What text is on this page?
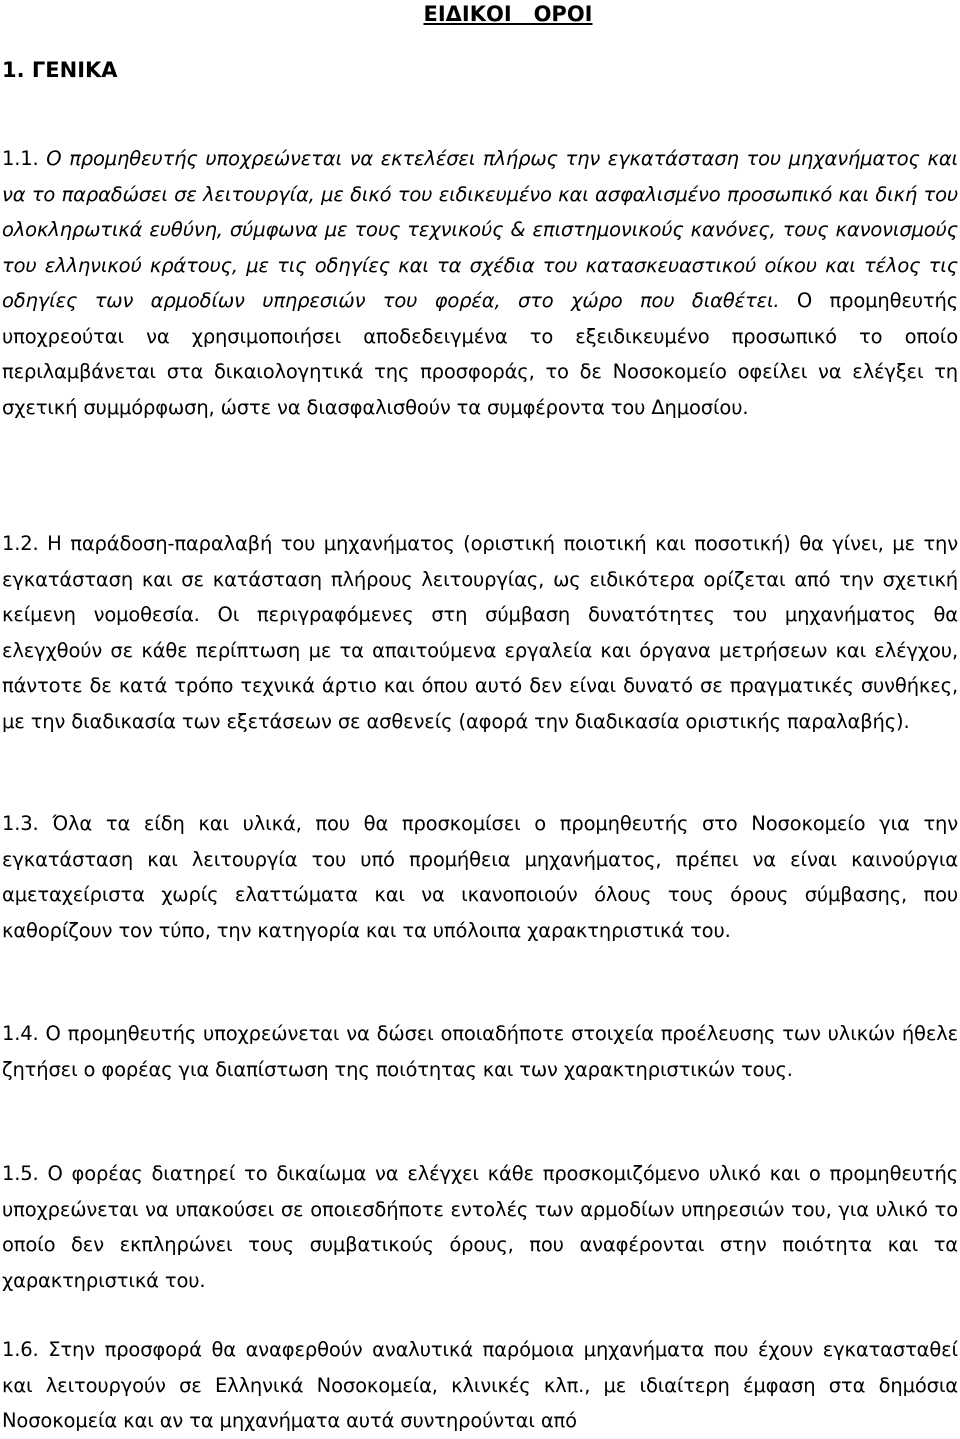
ΕΙΔΙΚΟΙ   ΟΡΟΙ
1. ΓΕΝΙΚΑ

1.1. Ο προμηθευτής υποχρεώνεται να εκτελέσει πλήρως την εγκατάσταση του μηχανήματος και να το παραδώσει σε λειτουργία, με δικό του ειδικευμένο και ασφαλισμένο προσωπικό και δική του ολοκληρωτικά ευθύνη, σύμφωνα με τους τεχνικούς & επιστημονικούς κανόνες, τους κανονισμούς του ελληνικού κράτους, με τις οδηγίες και τα σχέδια του κατασκευαστικού οίκου και τέλος τις οδηγίες των αρμοδίων υπηρεσιών του φορέα, στο χώρο που διαθέτει. Ο προμηθευτής υποχρεούται να χρησιμοποιήσει αποδεδειγμένα το εξειδικευμένο προσωπικό το οποίο περιλαμβάνεται στα δικαιολογητικά της προσφοράς, το δε Νοσοκομείο οφείλει να ελέγξει τη σχετική συμμόρφωση, ώστε να διασφαλισθούν τα συμφέροντα του Δημοσίου.

1.2. Η παράδοση-παραλαβή του μηχανήματος (οριστική ποιοτική και ποσοτική) θα γίνει, με την εγκατάσταση και σε κατάσταση πλήρους λειτουργίας, ως ειδικότερα ορίζεται από την σχετική κείμενη νομοθεσία. Οι περιγραφόμενες στη σύμβαση δυνατότητες του μηχανήματος θα ελεγχθούν σε κάθε περίπτωση με τα απαιτούμενα εργαλεία και όργανα μετρήσεων και ελέγχου, πάντοτε δε κατά τρόπο τεχνικά άρτιο και όπου αυτό δεν είναι δυνατό σε πραγματικές συνθήκες, με την διαδικασία των εξετάσεων σε ασθενείς (αφορά την διαδικασία οριστικής παραλαβής).

1.3. Όλα τα είδη και υλικά, που θα προσκομίσει ο προμηθευτής στο Νοσοκομείο για την εγκατάσταση και λειτουργία του υπό προμήθεια μηχανήματος, πρέπει να είναι καινούργια αμεταχείριστα χωρίς ελαττώματα και να ικανοποιούν όλους τους όρους σύμβασης, που καθορίζουν τον τύπο, την κατηγορία και τα υπόλοιπα χαρακτηριστικά του.

1.4. Ο προμηθευτής υποχρεώνεται να δώσει οποιαδήποτε στοιχεία προέλευσης των υλικών ήθελε ζητήσει ο φορέας για διαπίστωση της ποιότητας και των χαρακτηριστικών τους.

1.5. Ο φορέας διατηρεί το δικαίωμα να ελέγχει κάθε προσκομιζόμενο υλικό και ο προμηθευτής υποχρεώνεται να υπακούσει σε οποιεσδήποτε εντολές των αρμοδίων υπηρεσιών του, για υλικό το οποίο δεν εκπληρώνει τους συμβατικούς όρους, που αναφέρονται στην ποιότητα και τα χαρακτηριστικά του.

1.6. Στην προσφορά θα αναφερθούν αναλυτικά παρόμοια μηχανήματα που έχουν εγκατασταθεί και λειτουργούν σε Ελληνικά Νοσοκομεία, κλινικές κλπ., με ιδιαίτερη έμφαση στα δημόσια Νοσοκομεία και αν τα μηχανήματα αυτά συντηρούνται από
